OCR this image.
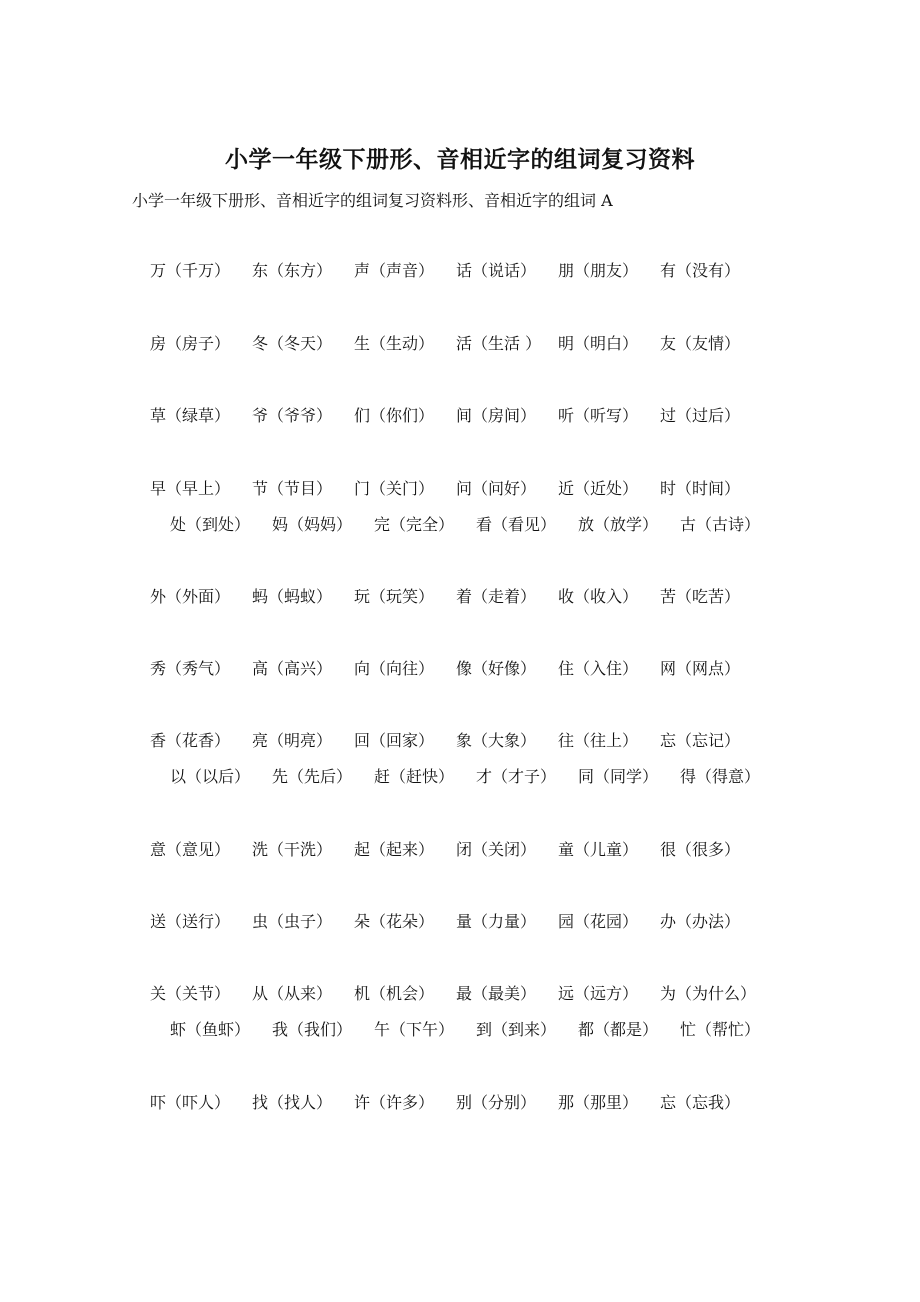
小学一年级下册形、音相近字的组词复习资料
小学一年级下册形、音相近字的组词复习资料形、音相近字的组词 A
万（千万）	东（东方）	声（声音）	话（说话）	朋（朋友）	有（没有）
房（房子）	冬（冬天）	生（生动）	活（生活 ）	明（明白）	友（友情）
草（绿草）	爷（爷爷）	们（你们）	间（房间）	听（听写）	过（过后）
早（早上）	节（节目）	门（关门）	问（问好）	近（近处）	时（时间）
处（到处）	妈（妈妈）	完（完全）	看（看见）	放（放学）	古（古诗）
外（外面）	蚂（蚂蚁）	玩（玩笑）	着（走着）	收（收入）	苦（吃苦）
秀（秀气）	高（高兴）	向（向往）	像（好像）	住（入住）	网（网点）
香（花香）	亮（明亮）	回（回家）	象（大象）	往（往上）	忘（忘记）
以（以后）	先（先后）	赶（赶快）	才（才子）	同（同学）	得（得意）
意（意见）	洗（干洗）	起（起来）	闭（关闭）	童（儿童）	很（很多）
送（送行）	虫（虫子）	朵（花朵）	量（力量）	园（花园）	办（办法）
关（关节）	从（从来）	机（机会）	最（最美）	远（远方）	为（为什么）
虾（鱼虾）	我（我们）	午（下午）	到（到来）	都（都是）	忙（帮忙）
吓（吓人）	找（找人）	许（许多）	别（分别）	那（那里）	忘（忘我）
